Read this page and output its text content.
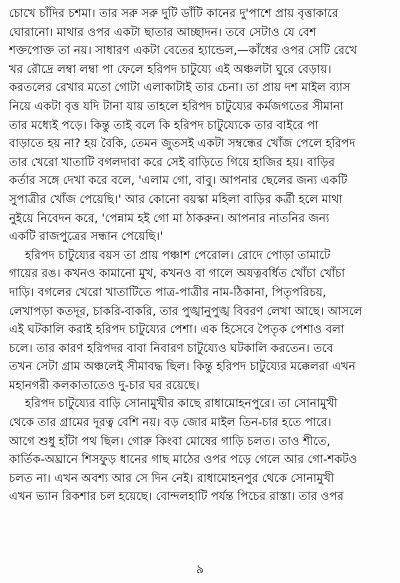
চোখে চাঁদির চশমা। তার সরু সরু দুটি ডাঁটি কানের দু'পাশে প্রায় বৃত্তাকারে
ঘোরানো। মাথার ওপর একটা ছাতার আচ্ছাদন। তবে সেটাও যে বেশ
শক্তপোক্ত তা নয়। সাধারণ একটা বেতের হ্যান্ডেল,—কাঁধের ওপর সেটি রেখে
খর রৌদ্রে লম্বা লম্বা পা ফেলে হরিপদ চাটুয্যে এই অঞ্চলটা ঘুরে বেড়ায়।
করতলের রেখার মতো গোটা এলাকাটাই তার চেনা। তা প্রায় দশ মাইল ব্যাস
নিয়ে একটা বৃত্ত যদি টানা যায় তাহলে হরিপদ চাটুয্যের কর্মজগতের সীমানা
তার মধ্যেই পড়ে। কিন্তু তাই বলে কি হরিপদ চাটুয্যেকে তার বাইরে পা
বাড়াতে হয় না? হয় বৈকি, তেমন জুতসই একটা সম্বন্ধের খোঁজ পেলে হরিপদ
তার খেরো খাতাটি বগলদাবা করে সেই বাড়িতে গিয়ে হাজির হয়। বাড়ির
কর্তার সঙ্গে দেখা করে বলে, 'এলাম গো, বাবু। আপনার ছেলের জন্য একটি
সুপাত্রীর খোঁজ পেয়েছি।' আর কোনো বয়স্কা মহিলা বাড়ির কর্ত্রী হলে মাথা
নুইয়ে নিবেদন করে, 'পেন্নাম হই গো মা ঠাকরুন। আপনার নাতনির জন্য
একটি রাজপুত্রের সন্ধান পেয়েছি।'
হরিপদ চাটুয্যের বয়স তা প্রায় পঞ্চাশ পেরোল। রোদে পোড়া তামাটে
গায়ের রঙ। কখনও কামানো মুখ, কখনও বা গালে অযত্নবর্ধিত খোঁচা খোঁচা
দাড়ি। বগলের খেরো খাতাটিতে পাত্র-পাত্রীর নাম-ঠিকানা, পিতৃপরিচয়,
লেখাপড়া কতদূর, চাকরি-বাকরি, তার পুঙ্খানুপুঙ্খ বিবরণ লেখা আছে। আসলে
এই ঘটকালি করাই হরিপদ চাটুয্যের পেশা। এক হিসেবে পৈতৃক পেশাও বলা
চলে। তার কারণ হরিপদর বাবা নিবারণ চাটুয্যেও ঘটকালি করতেন। তবে
তখন সেটা গ্রাম অঞ্চলেই সীমাবদ্ধ ছিল। কিন্তু হরিপদ চাটুয্যের মক্কেলরা এখন
মহানগরী কলকাতাতেও দু-চার ঘর রয়েছে।
হরিপদ চাটুয্যের বাড়ি সোনামুখীর কাছে রাধামোহনপুরে। তা সোনামুখী
থেকে তার গ্রামের দূরত্ব বেশি নয়। বড় জোর মাইল তিন-চার হতে পারে।
আগে শুধু হাঁটা পথ ছিল। গোরু কিংবা মোষের গাড়ি চলত। তাও শীতে,
কার্তিক-অঘ্রানে শিসফুড় ধানের গাছ মাঠের ওপর পড়ে গেলে আর গো-শকটও
চলত না। এখন অবশ্য আর সে দিন নেই। রাধামোহনপুর থেকে সোনামুখী
এখন ভ্যান রিকশার চল হয়েছে। বোন্দলহাটি পর্যন্ত পিচের রাস্তা। তার ওপর
৯
